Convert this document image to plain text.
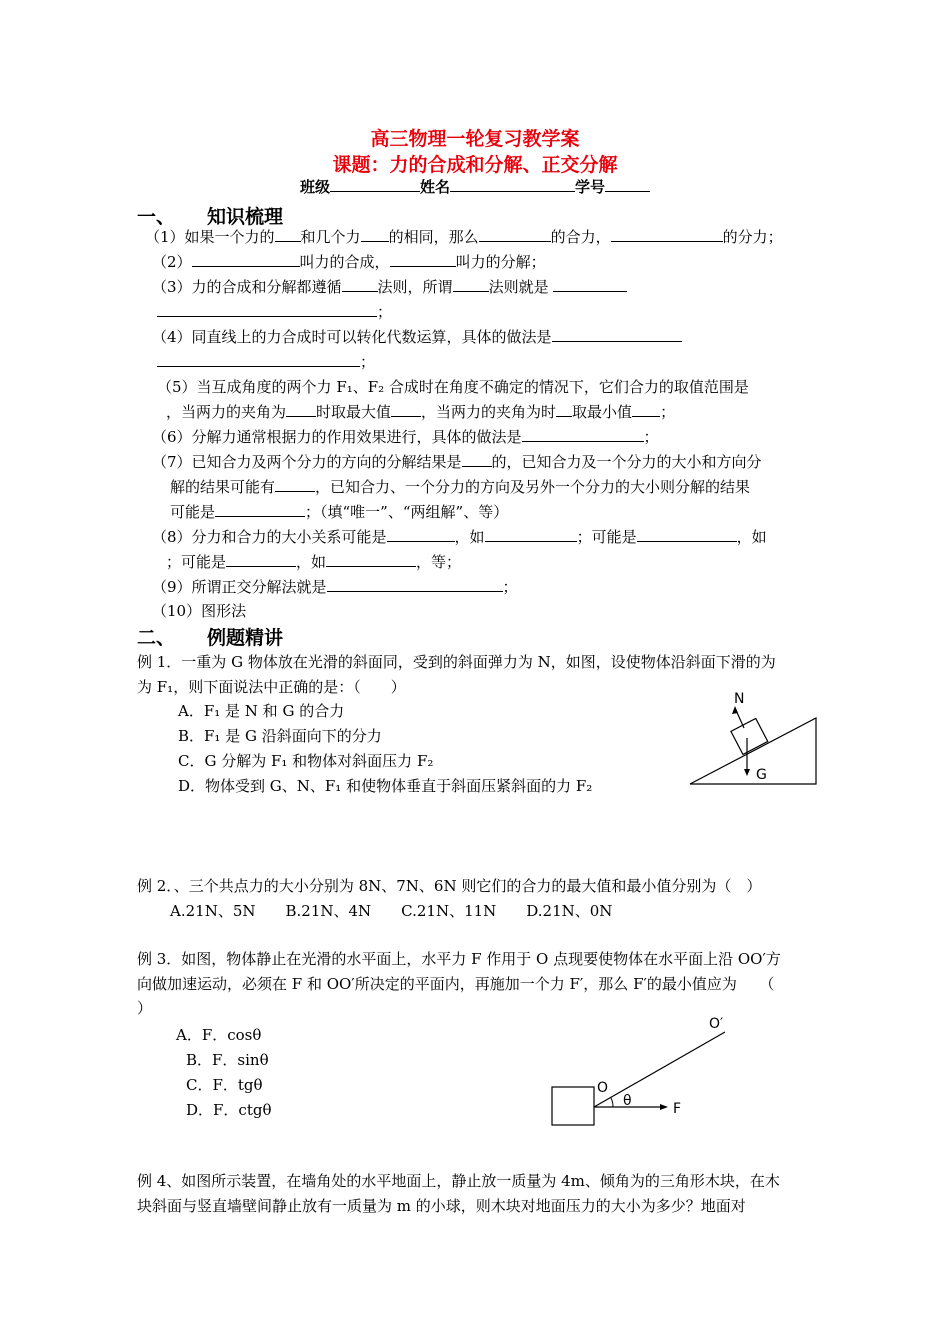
高三物理一轮复习教学案
课题：力的合成和分解、正交分解
班级	姓名	学号
一、 知识梳理
（1）如果一个力的 和几个力 的相同，那么	的合力，	的分力；
（2）	叫力的合成，	叫力的分解；
（3）力的合成和分解都遵循 法则，所谓 法则就是
；
（4）同直线上的力合成时可以转化代数运算，具体的做法是
；
（5）当互成角度的两个力 F₁、F₂ 合成时在角度不确定的情况下，它们合力的取值范围是
，当两力的夹角为 时取最大值 ，当两力的夹角为时 取最小值 ；
（6）分解力通常根据力的作用效果进行，具体的做法是	；
（7）已知合力及两个分力的方向的分解结果是 的，已知合力及一个分力的大小和方向分
解的结果可能有	，已知合力、一个分力的方向及另外一个分力的大小则分解的结果
可能是	；（填“唯一”、“两组解”、等）
（8）分力和合力的大小关系可能是	，如	；可能是	，如
；可能是	，如	，等；
（9）所谓正交分解法就是	；
（10）图形法
二、 例题精讲
例 1．一重为 G 物体放在光滑的斜面同，受到的斜面弹力为 N，如图，设使物体沿斜面下滑的为
为 F₁，则下面说法中正确的是：（　　）
A．F₁ 是 N 和 G 的合力
B．F₁ 是 G 沿斜面向下的分力
C．G 分解为 F₁ 和物体对斜面压力 F₂
D．物体受到 G、N、F₁ 和使物体垂直于斜面压紧斜面的力 F₂
N
G
例 2．、三个共点力的大小分别为 8N、7N、6N 则它们的合力的最大值和最小值分别为（　）
A.21N、5N　　B.21N、4N　　C.21N、11N　　D.21N、0N
例 3．如图，物体静止在光滑的水平面上，水平力 F 作用于 O 点现要使物体在水平面上沿 OO′方
向做加速运动，必须在 F 和 OO′所决定的平面内，再施加一个力 F′，那么 F′的最小值应为　　（
）
A．F．cosθ
B．F．sinθ
C．F．tgθ
D．F．ctgθ
O′
O
θ	F
例 4、如图所示装置，在墙角处的水平地面上，静止放一质量为 4m、倾角为的三角形木块，在木
块斜面与竖直墙壁间静止放有一质量为 m 的小球，则木块对地面压力的大小为多少？地面对
